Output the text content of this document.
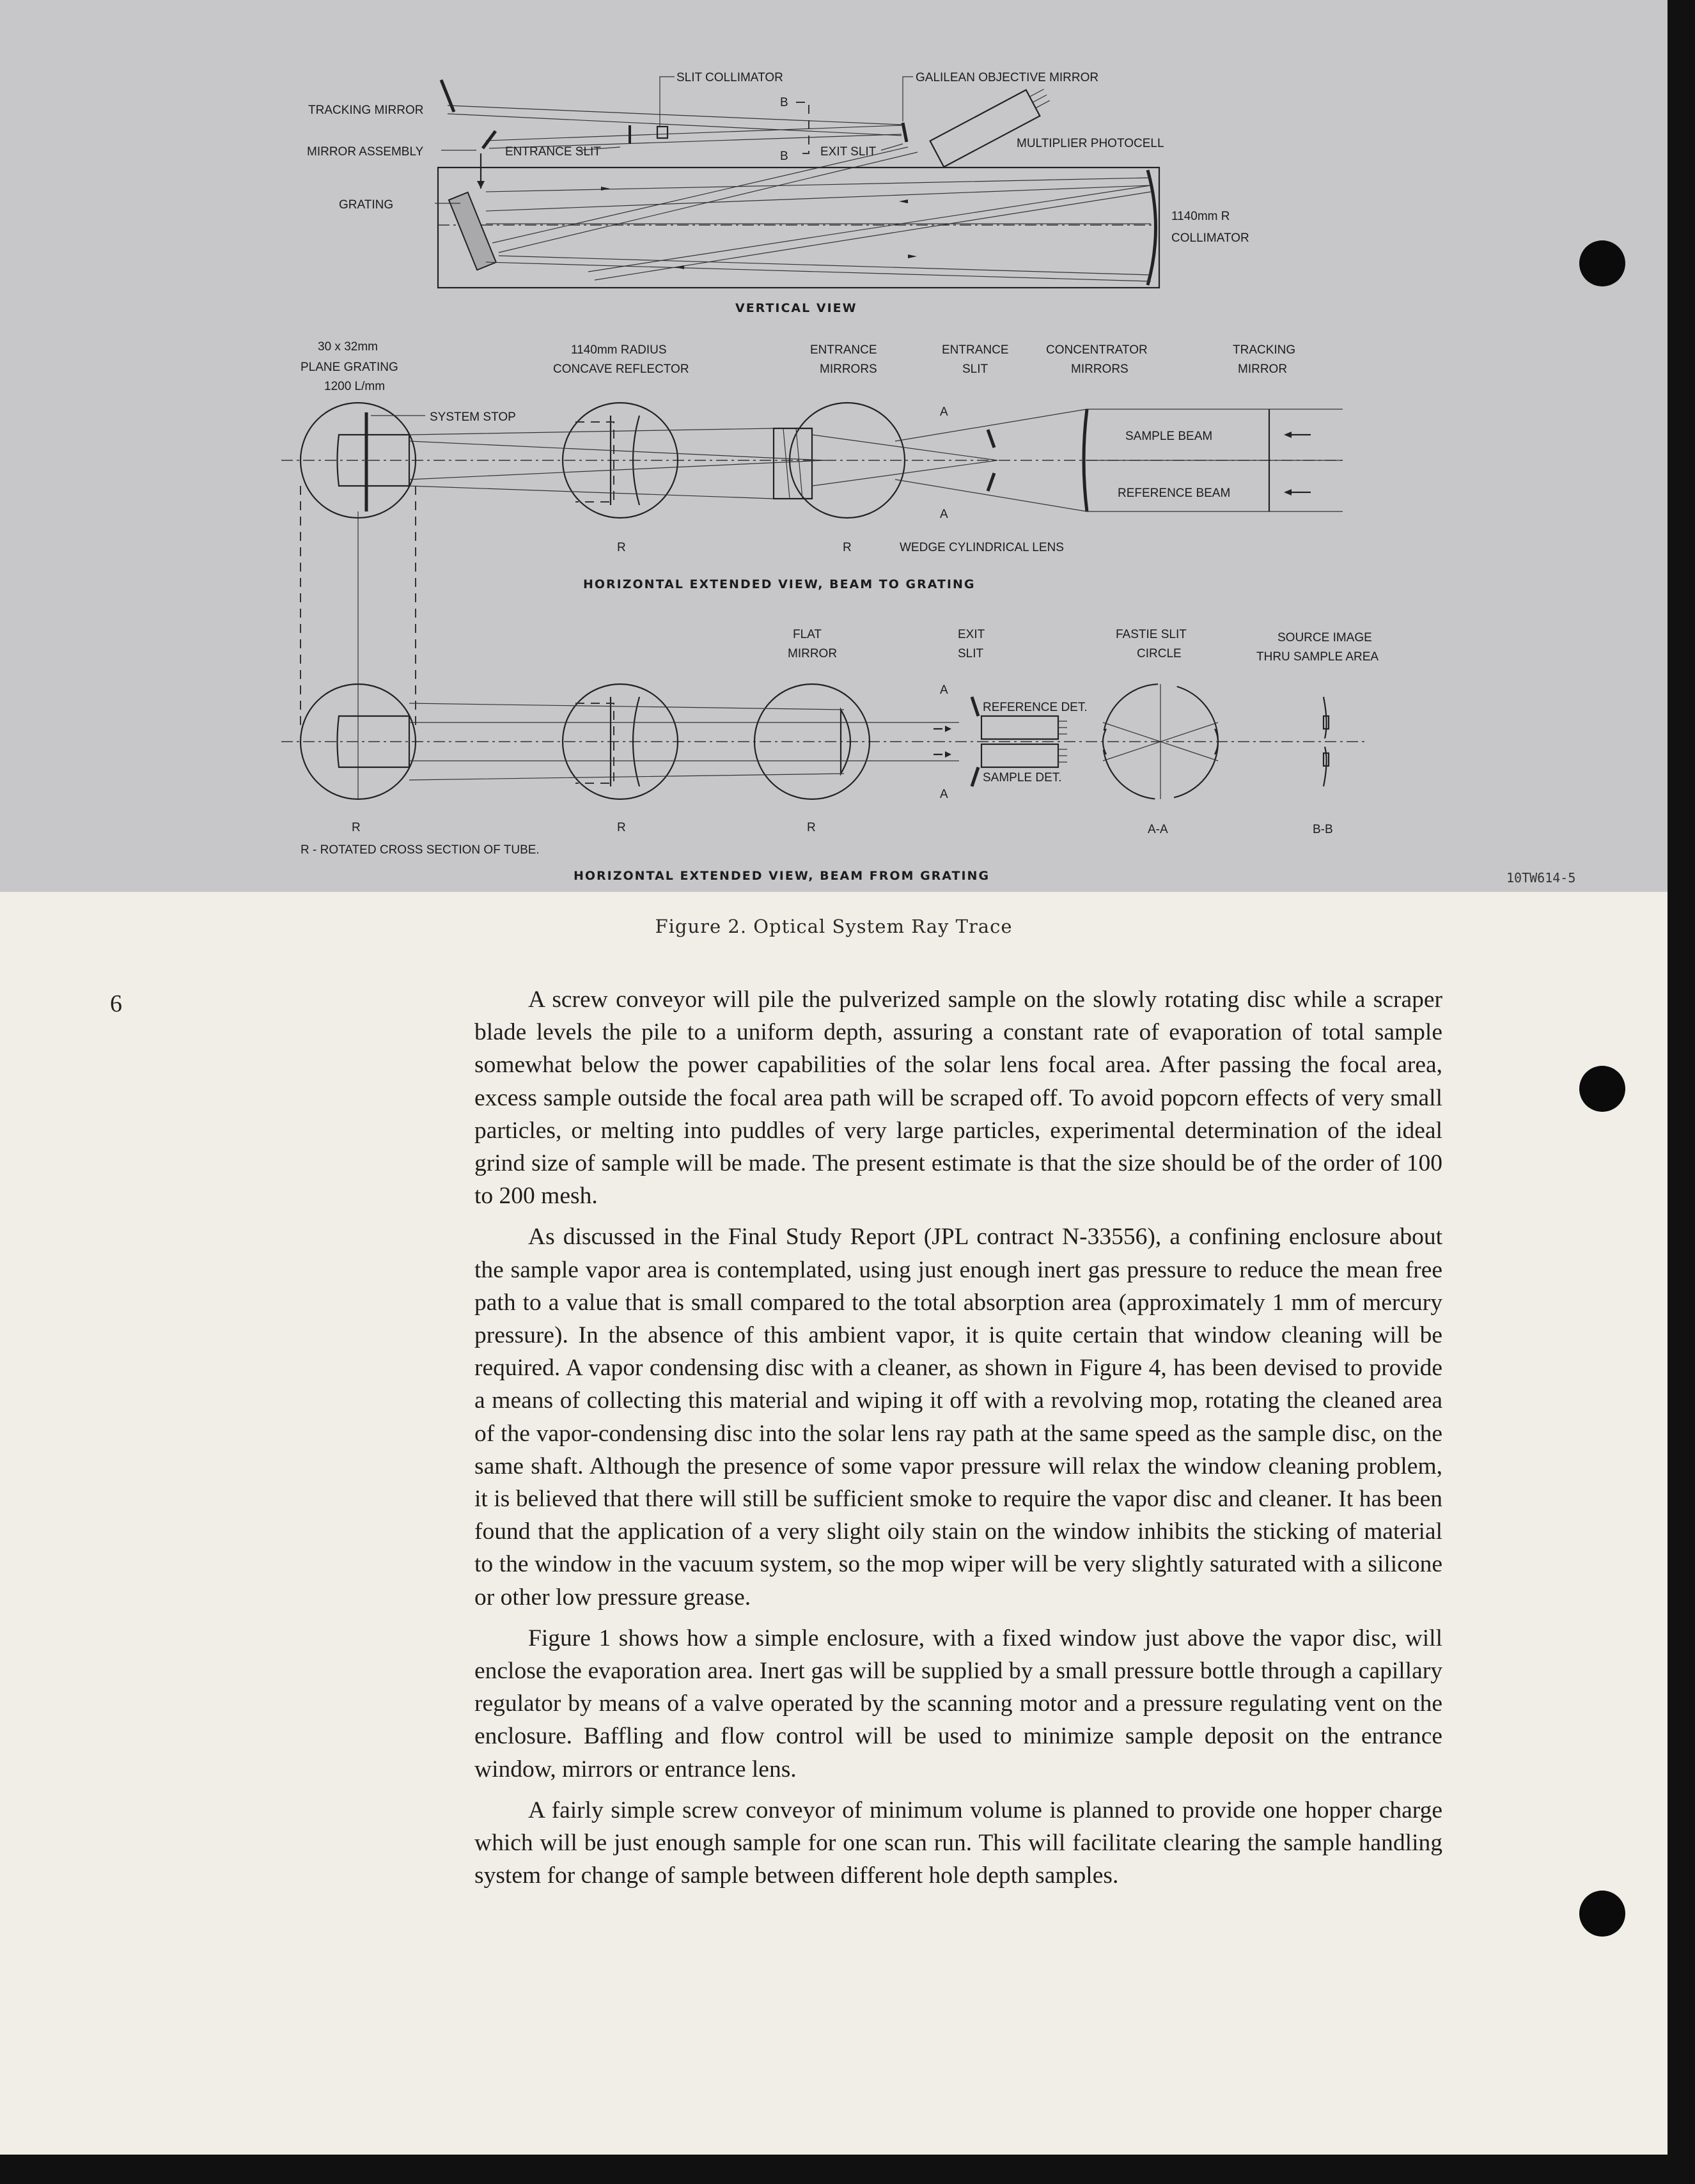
TRACKING MIRROR
MIRROR ASSEMBLY
GRATING
SLIT COLLIMATOR
ENTRANCE SLIT	EXIT SLIT
GALILEAN OBJECTIVE MIRROR
MULTIPLIER PHOTOCELL
1140mm R
COLLIMATOR
B
B
VERTICAL VIEW
30 x 32mm
PLANE GRATING
1200 L/mm
SYSTEM STOP
1140mm RADIUS
CONCAVE REFLECTOR
ENTRANCE
MIRRORS
ENTRANCE
SLIT
CONCENTRATOR
MIRRORS
TRACKING
MIRROR
SAMPLE BEAM
REFERENCE BEAM
WEDGE CYLINDRICAL LENS
R	R
A
A
HORIZONTAL EXTENDED VIEW, BEAM TO GRATING
FLAT
MIRROR
EXIT
SLIT
REFERENCE DET.
SAMPLE DET.
FASTIE SLIT
CIRCLE
SOURCE IMAGE
THRU SAMPLE AREA
A-A	B-B
R	R	R
A
A
R - ROTATED CROSS SECTION OF TUBE.
HORIZONTAL EXTENDED VIEW, BEAM FROM GRATING	10TW614-5
Figure 2. Optical System Ray Trace
6	A screw conveyor will pile the pulverized sample on the slowly rotating disc while a scraper blade levels the pile to a uniform depth, assuring a constant rate of evaporation of total sample somewhat below the power capabilities of the solar lens focal area. After passing the focal area, excess sample outside the focal area path will be scraped off. To avoid popcorn effects of very small particles, or melting into puddles of very large particles, experimental determination of the ideal grind size of sample will be made. The present estimate is that the size should be of the order of 100 to 200 mesh.

As discussed in the Final Study Report (JPL contract N-33556), a confining enclosure about the sample vapor area is contemplated, using just enough inert gas pressure to reduce the mean free path to a value that is small compared to the total absorption area (approximately 1 mm of mercury pressure). In the absence of this ambient vapor, it is quite certain that window cleaning will be required. A vapor condensing disc with a cleaner, as shown in Figure 4, has been devised to provide a means of collecting this material and wiping it off with a revolving mop, rotating the cleaned area of the vapor-condensing disc into the solar lens ray path at the same speed as the sample disc, on the same shaft. Although the presence of some vapor pressure will relax the window cleaning problem, it is believed that there will still be sufficient smoke to require the vapor disc and cleaner. It has been found that the application of a very slight oily stain on the window inhibits the sticking of material to the window in the vacuum system, so the mop wiper will be very slightly saturated with a silicone or other low pressure grease.

Figure 1 shows how a simple enclosure, with a fixed window just above the vapor disc, will enclose the evaporation area. Inert gas will be supplied by a small pressure bottle through a capillary regulator by means of a valve operated by the scanning motor and a pressure regulating vent on the enclosure. Baffling and flow control will be used to minimize sample deposit on the entrance window, mirrors or entrance lens.

A fairly simple screw conveyor of minimum volume is planned to provide one hopper charge which will be just enough sample for one scan run. This will facilitate clearing the sample handling system for change of sample between different hole depth samples.
